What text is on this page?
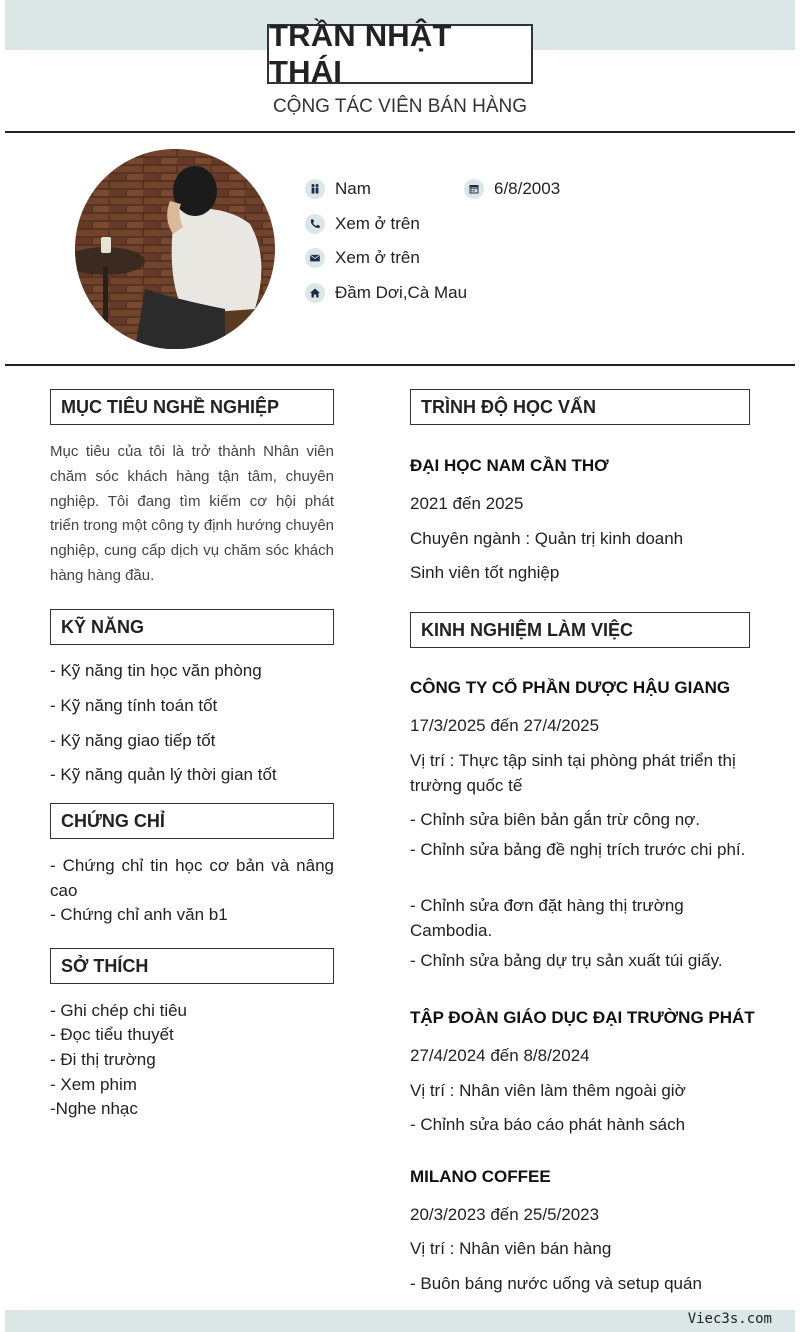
TRẦN NHẬT THÁI
CỘNG TÁC VIÊN BÁN HÀNG
Nam	6/8/2003
Xem ở trên
Xem ở trên
Đầm Dơi,Cà Mau
MỤC TIÊU NGHỀ NGHIỆP
Mục tiêu của tôi là trở thành Nhân viên chăm sóc khách hàng tận tâm, chuyên nghiệp. Tôi đang tìm kiếm cơ hội phát triển trong một công ty định hướng chuyên nghiệp, cung cấp dịch vụ chăm sóc khách hàng hàng đầu.
KỸ NĂNG
- Kỹ năng tin học văn phòng
- Kỹ năng tính toán tốt
- Kỹ năng giao tiếp tốt
- Kỹ năng quản lý thời gian tốt
CHỨNG CHỈ
- Chứng chỉ tin học cơ bản và nâng cao
- Chứng chỉ anh văn b1
SỞ THÍCH
- Ghi chép chi tiêu
- Đọc tiểu thuyết
- Đi thị trường
- Xem phim
-Nghe nhạc
TRÌNH ĐỘ HỌC VẤN
ĐẠI HỌC NAM CẦN THƠ
2021 đến 2025
Chuyên ngành : Quản trị kinh doanh
Sinh viên tốt nghiệp
KINH NGHIỆM LÀM VIỆC
CÔNG TY CỔ PHẦN DƯỢC HẬU GIANG
17/3/2025 đến 27/4/2025
Vị trí : Thực tập sinh tại phòng phát triển thị trường quốc tế
- Chỉnh sửa biên bản gắn trừ công nợ.
- Chỉnh sửa bảng đề nghị trích trước chi phí.
- Chỉnh sửa đơn đặt hàng thị trường Cambodia.
- Chỉnh sửa bảng dự trụ sản xuất túi giấy.
TẬP ĐOÀN GIÁO DỤC ĐẠI TRƯỜNG PHÁT
27/4/2024 đến 8/8/2024
Vị trí : Nhân viên làm thêm ngoài giờ
- Chỉnh sửa báo cáo phát hành sách
MILANO COFFEE
20/3/2023 đến 25/5/2023
Vị trí : Nhân viên bán hàng
- Buôn báng nước uống và setup quán
Viec3s.com
